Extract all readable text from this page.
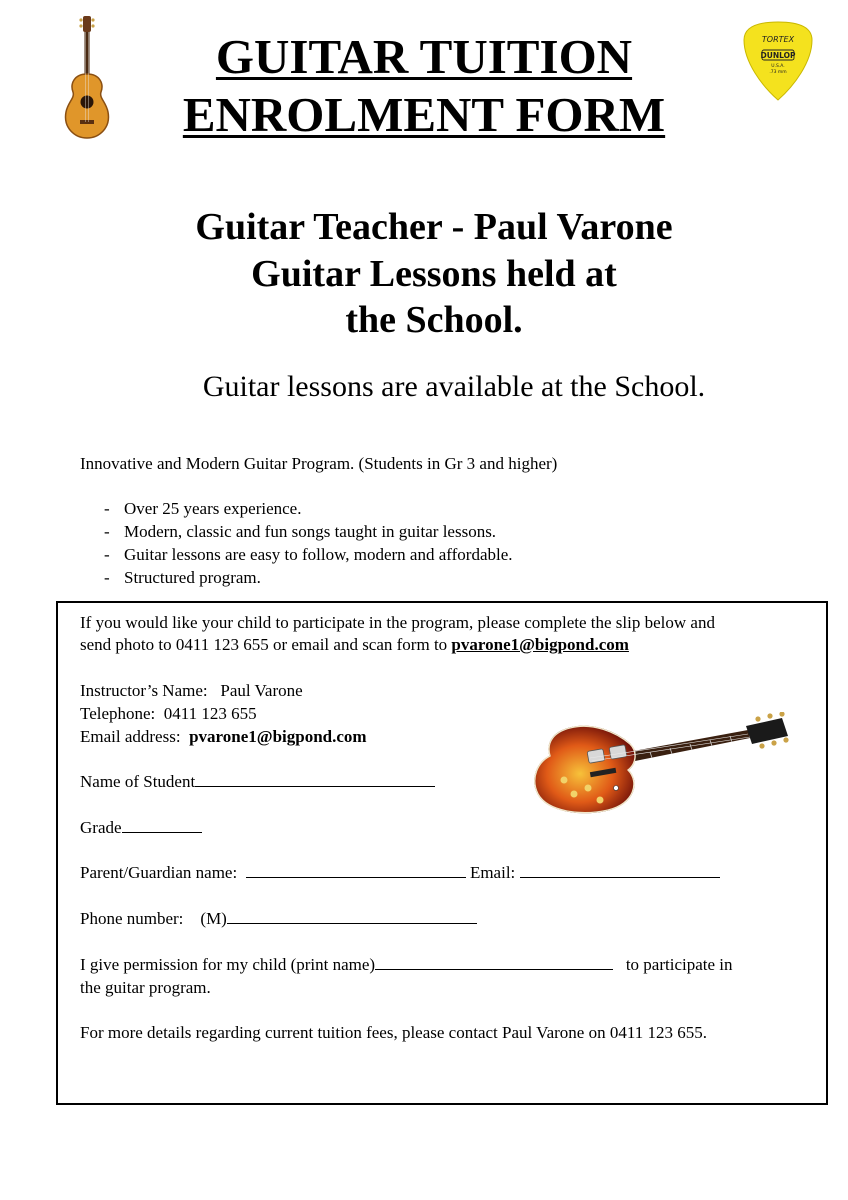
GUITAR TUITION
ENROLMENT FORM
TORTEX
DUNLOP
U.S.A.
.73 mm

Guitar Teacher - Paul Varone

Guitar Lessons held at

the School.

Guitar lessons are available at the School.

Innovative and Modern Guitar Program. (Students in Gr 3 and higher)
- Over 25 years experience.
- Modern, classic and fun songs taught in guitar lessons.
- Guitar lessons are easy to follow, modern and affordable.
- Structured program.
If you would like your child to participate in the program, please complete the slip below and
send photo to 0411 123 655 or email and scan form to pvarone1@bigpond.com
Instructor’s Name: Paul Varone
Telephone: 0411 123 655
Email address: pvarone1@bigpond.com
Name of Student
Grade
Parent/Guardian name:	Email:
Phone number: (M)
I give permission for my child (print name)	to participate in
the guitar program.
For more details regarding current tuition fees, please contact Paul Varone on 0411 123 655.
